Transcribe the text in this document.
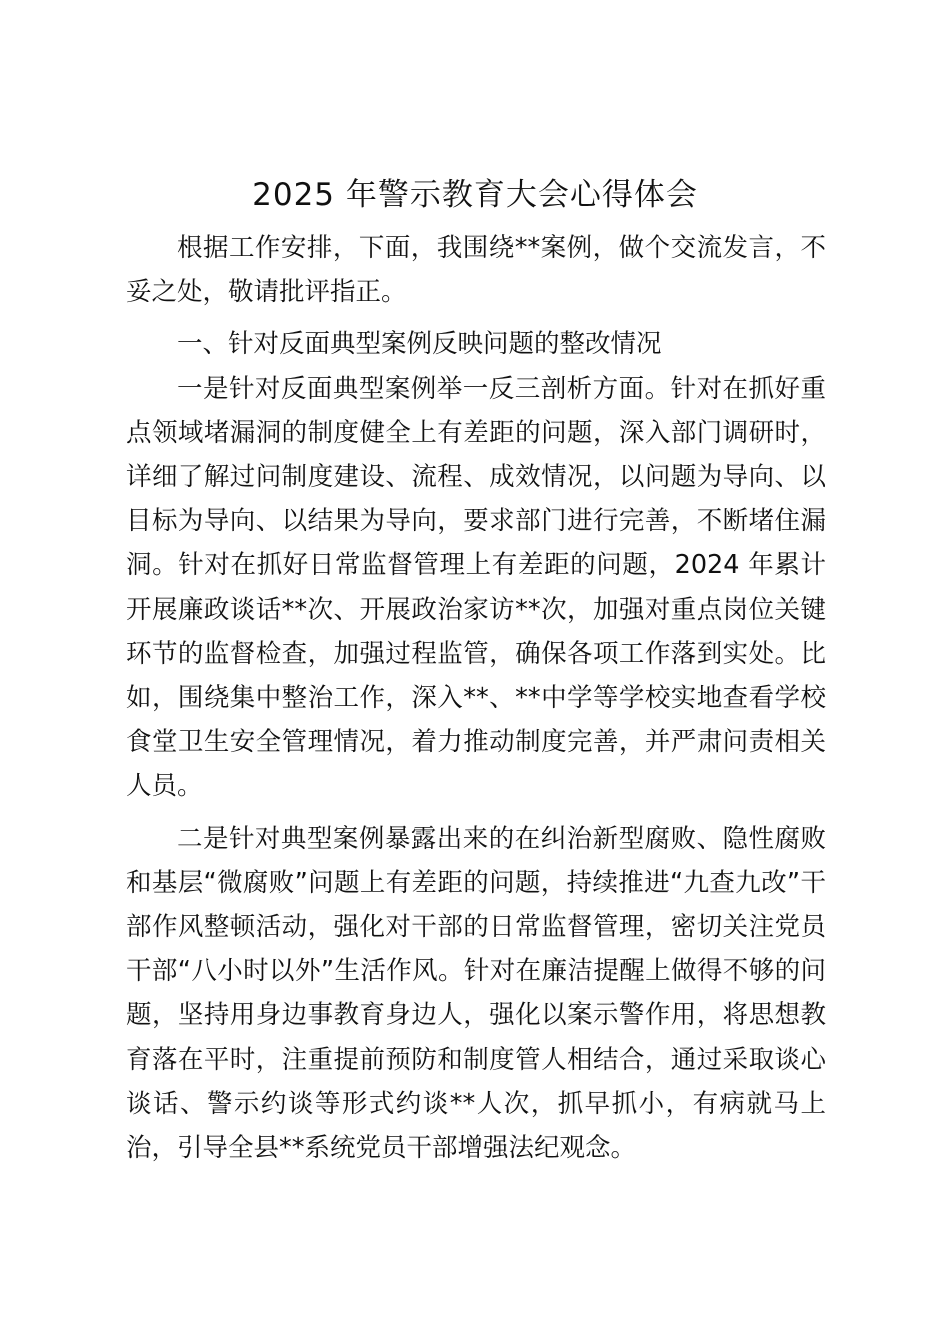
2025 年警示教育大会心得体会

根据工作安排，下面，我围绕**案例，做个交流发言，不妥之处，敬请批评指正。

一、针对反面典型案例反映问题的整改情况

一是针对反面典型案例举一反三剖析方面。针对在抓好重点领域堵漏洞的制度健全上有差距的问题，深入部门调研时，详细了解过问制度建设、流程、成效情况，以问题为导向、以目标为导向、以结果为导向，要求部门进行完善，不断堵住漏洞。针对在抓好日常监督管理上有差距的问题，2024 年累计开展廉政谈话**次、开展政治家访**次，加强对重点岗位关键环节的监督检查，加强过程监管，确保各项工作落到实处。比如，围绕集中整治工作，深入**、**中学等学校实地查看学校食堂卫生安全管理情况，着力推动制度完善，并严肃问责相关人员。

二是针对典型案例暴露出来的在纠治新型腐败、隐性腐败和基层“微腐败”问题上有差距的问题，持续推进“九查九改”干部作风整顿活动，强化对干部的日常监督管理，密切关注党员干部“八小时以外”生活作风。针对在廉洁提醒上做得不够的问题，坚持用身边事教育身边人，强化以案示警作用，将思想教育落在平时，注重提前预防和制度管人相结合，通过采取谈心谈话、警示约谈等形式约谈**人次，抓早抓小，有病就马上治，引导全县**系统党员干部增强法纪观念。
